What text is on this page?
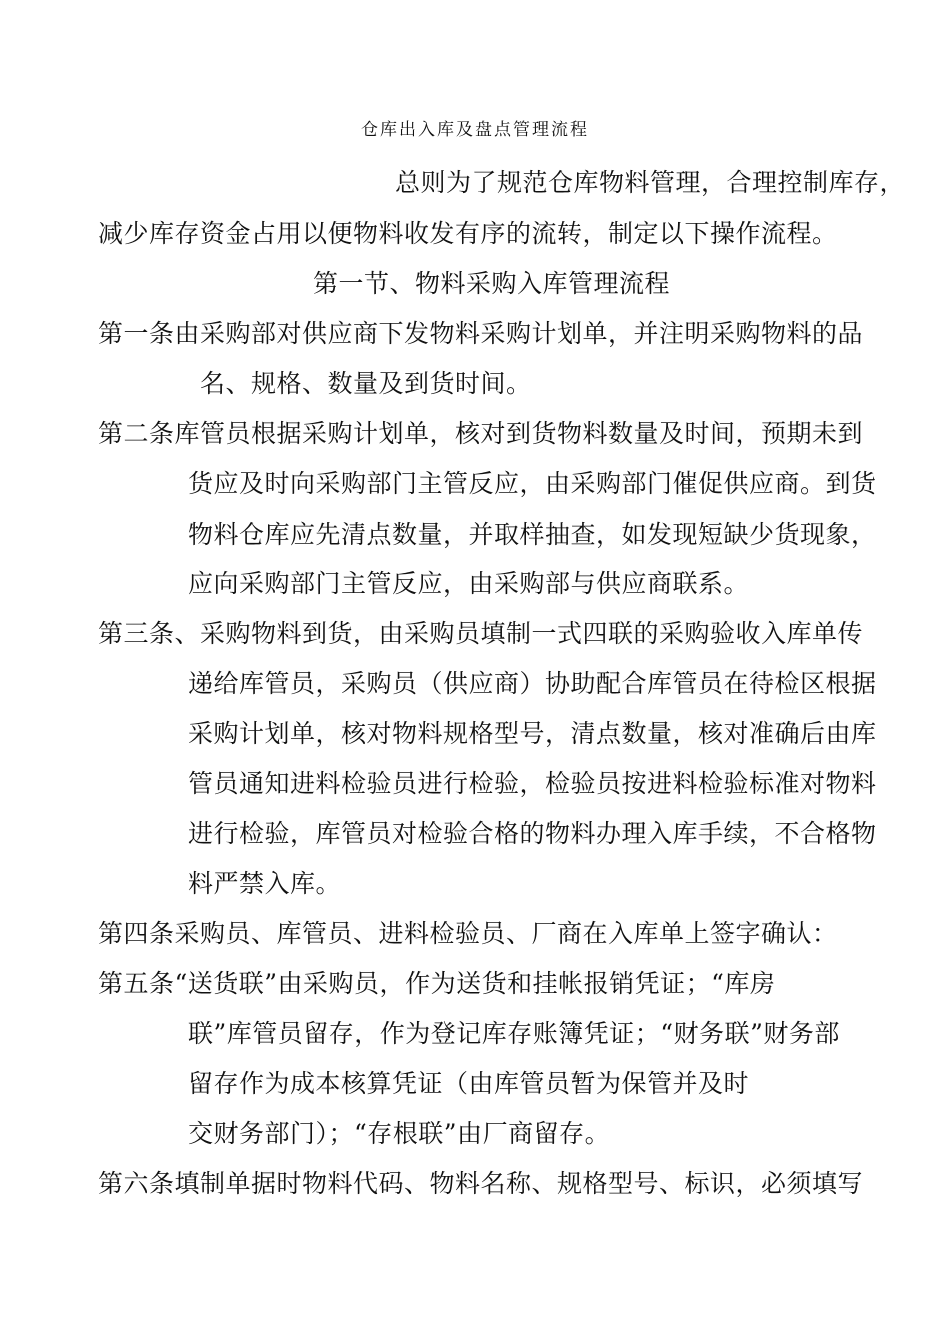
仓库出入库及盘点管理流程
总则为了规范仓库物料管理，合理控制库存，
减少库存资金占用以便物料收发有序的流转，制定以下操作流程。
第一节、物料采购入库管理流程
第一条由采购部对供应商下发物料采购计划单，并注明采购物料的品
名、规格、数量及到货时间。
第二条库管员根据采购计划单，核对到货物料数量及时间，预期未到
货应及时向采购部门主管反应，由采购部门催促供应商。到货
物料仓库应先清点数量，并取样抽查，如发现短缺少货现象，
应向采购部门主管反应，由采购部与供应商联系。
第三条、采购物料到货，由采购员填制一式四联的采购验收入库单传
递给库管员，采购员（供应商）协助配合库管员在待检区根据
采购计划单，核对物料规格型号，清点数量，核对准确后由库
管员通知进料检验员进行检验，检验员按进料检验标准对物料
进行检验，库管员对检验合格的物料办理入库手续，不合格物
料严禁入库。
第四条采购员、库管员、进料检验员、厂商在入库单上签字确认：
第五条“送货联”由采购员，作为送货和挂帐报销凭证；“库房
联”库管员留存，作为登记库存账簿凭证；“财务联”财务部
留存作为成本核算凭证（由库管员暂为保管并及时
交财务部门）；“存根联”由厂商留存。
第六条填制单据时物料代码、物料名称、规格型号、标识，必须填写
